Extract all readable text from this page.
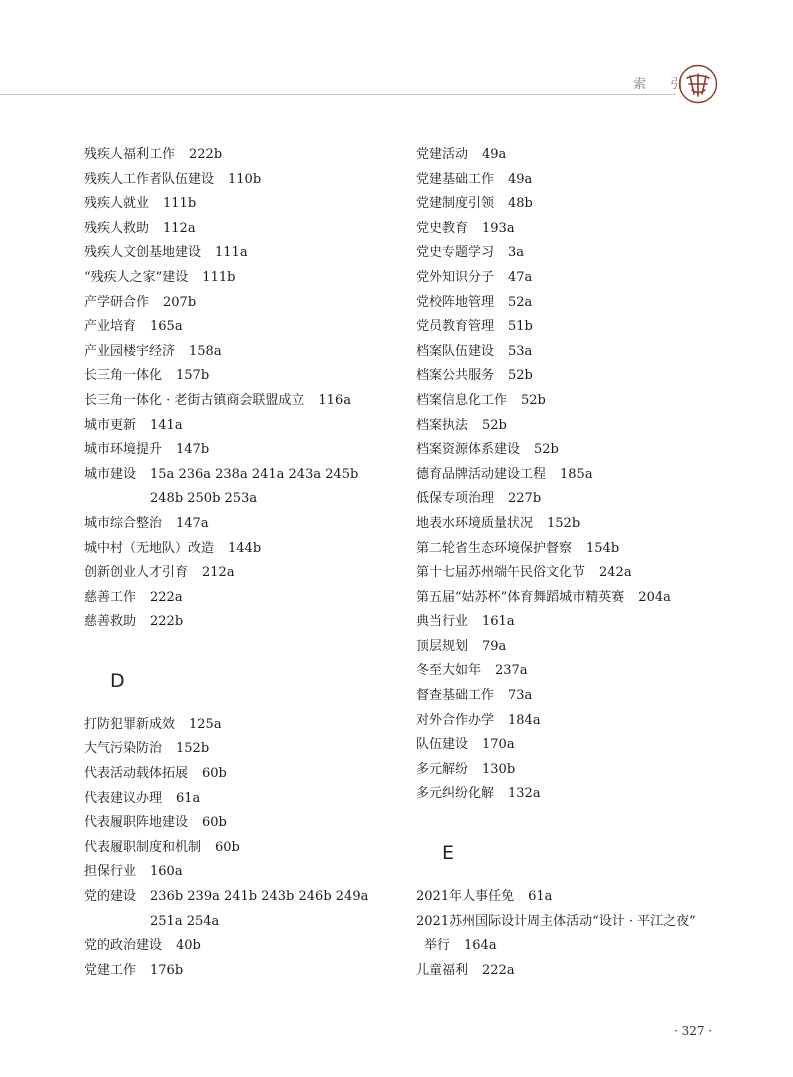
索 引
残疾人福利工作 222b
残疾人工作者队伍建设 110b
残疾人就业 111b
残疾人救助 112a
残疾人文创基地建设 111a
“残疾人之家”建设 111b
产学研合作 207b
产业培育 165a
产业园楼宇经济 158a
长三角一体化 157b
长三角一体化 · 老街古镇商会联盟成立 116a
城市更新 141a
城市环境提升 147b
城市建设 15a 236a 238a 241a 243a 245b
248b 250b 253a
城市综合整治 147a
城中村（无地队）改造 144b
创新创业人才引育 212a
慈善工作 222a
慈善救助 222b
D
打防犯罪新成效 125a
大气污染防治 152b
代表活动载体拓展 60b
代表建议办理 61a
代表履职阵地建设 60b
代表履职制度和机制 60b
担保行业 160a
党的建设 236b 239a 241b 243b 246b 249a
251a 254a
党的政治建设 40b
党建工作 176b
党建活动 49a
党建基础工作 49a
党建制度引领 48b
党史教育 193a
党史专题学习 3a
党外知识分子 47a
党校阵地管理 52a
党员教育管理 51b
档案队伍建设 53a
档案公共服务 52b
档案信息化工作 52b
档案执法 52b
档案资源体系建设 52b
德育品牌活动建设工程 185a
低保专项治理 227b
地表水环境质量状况 152b
第二轮省生态环境保护督察 154b
第十七届苏州端午民俗文化节 242a
第五届“姑苏杯”体育舞蹈城市精英赛 204a
典当行业 161a
顶层规划 79a
冬至大如年 237a
督查基础工作 73a
对外合作办学 184a
队伍建设 170a
多元解纷 130b
多元纠纷化解 132a
E
2021年人事任免 61a
2021苏州国际设计周主体活动“设计 · 平江之夜”
举行 164a
儿童福利 222a
· 327 ·
